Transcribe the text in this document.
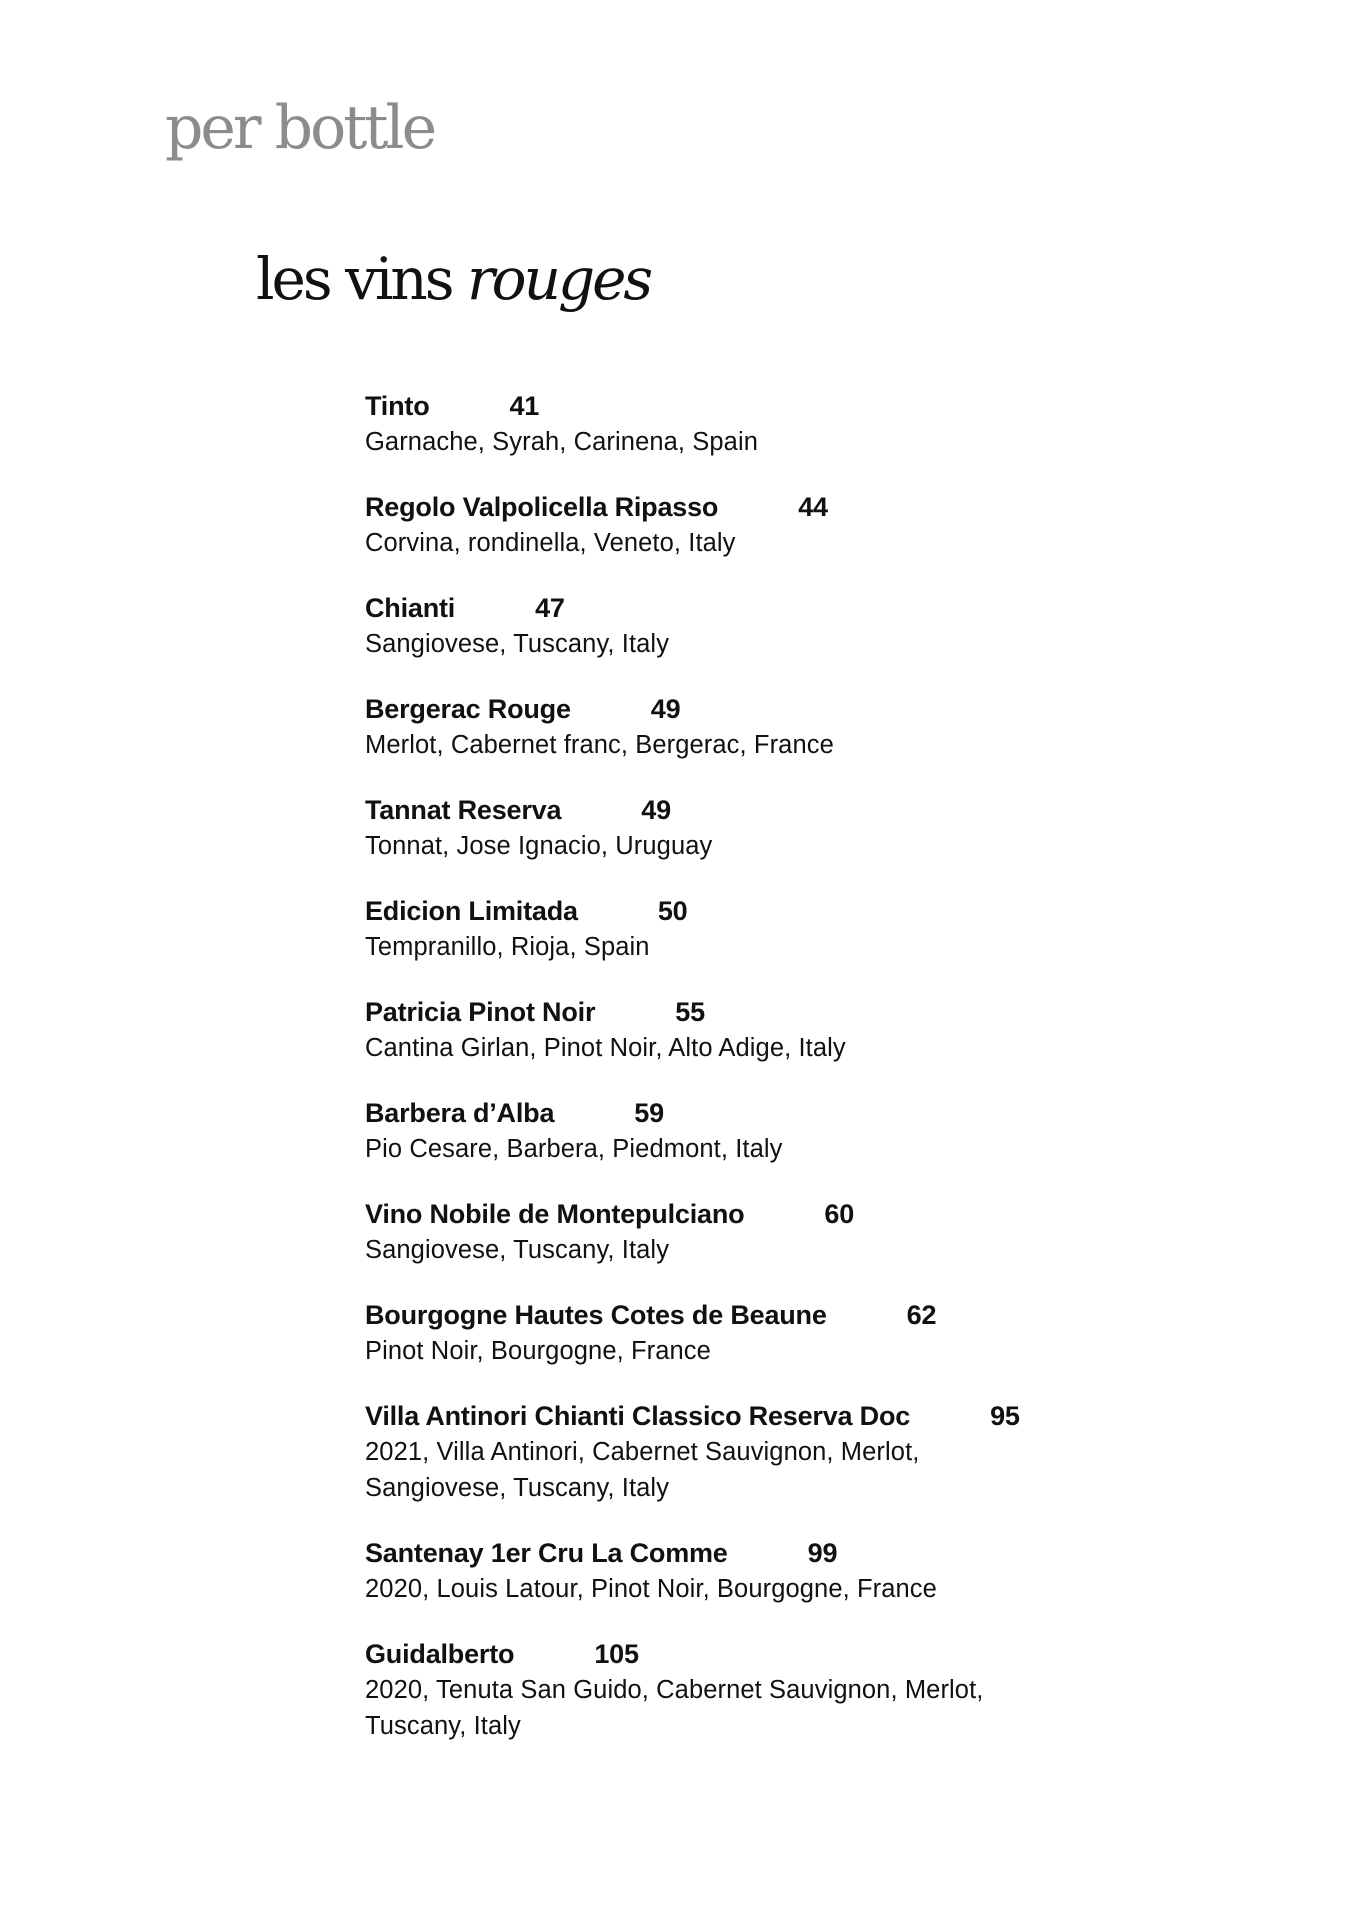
per bottle
les vins rouges
Tinto	41
Garnache, Syrah, Carinena, Spain
Regolo Valpolicella Ripasso	44
Corvina, rondinella, Veneto, Italy
Chianti	47
Sangiovese, Tuscany, Italy
Bergerac Rouge	49
Merlot, Cabernet franc, Bergerac, France
Tannat Reserva	49
Tonnat, Jose Ignacio, Uruguay
Edicion Limitada	50
Tempranillo, Rioja, Spain
Patricia Pinot Noir	55
Cantina Girlan, Pinot Noir, Alto Adige, Italy
Barbera d’Alba	59
Pio Cesare, Barbera, Piedmont, Italy
Vino Nobile de Montepulciano	60
Sangiovese, Tuscany, Italy
Bourgogne Hautes Cotes de Beaune	62
Pinot Noir, Bourgogne, France
Villa Antinori Chianti Classico Reserva Doc	95
2021, Villa Antinori, Cabernet Sauvignon, Merlot,
Sangiovese, Tuscany, Italy
Santenay 1er Cru La Comme	99
2020, Louis Latour, Pinot Noir, Bourgogne, France
Guidalberto	105
2020, Tenuta San Guido, Cabernet Sauvignon, Merlot,
Tuscany, Italy
